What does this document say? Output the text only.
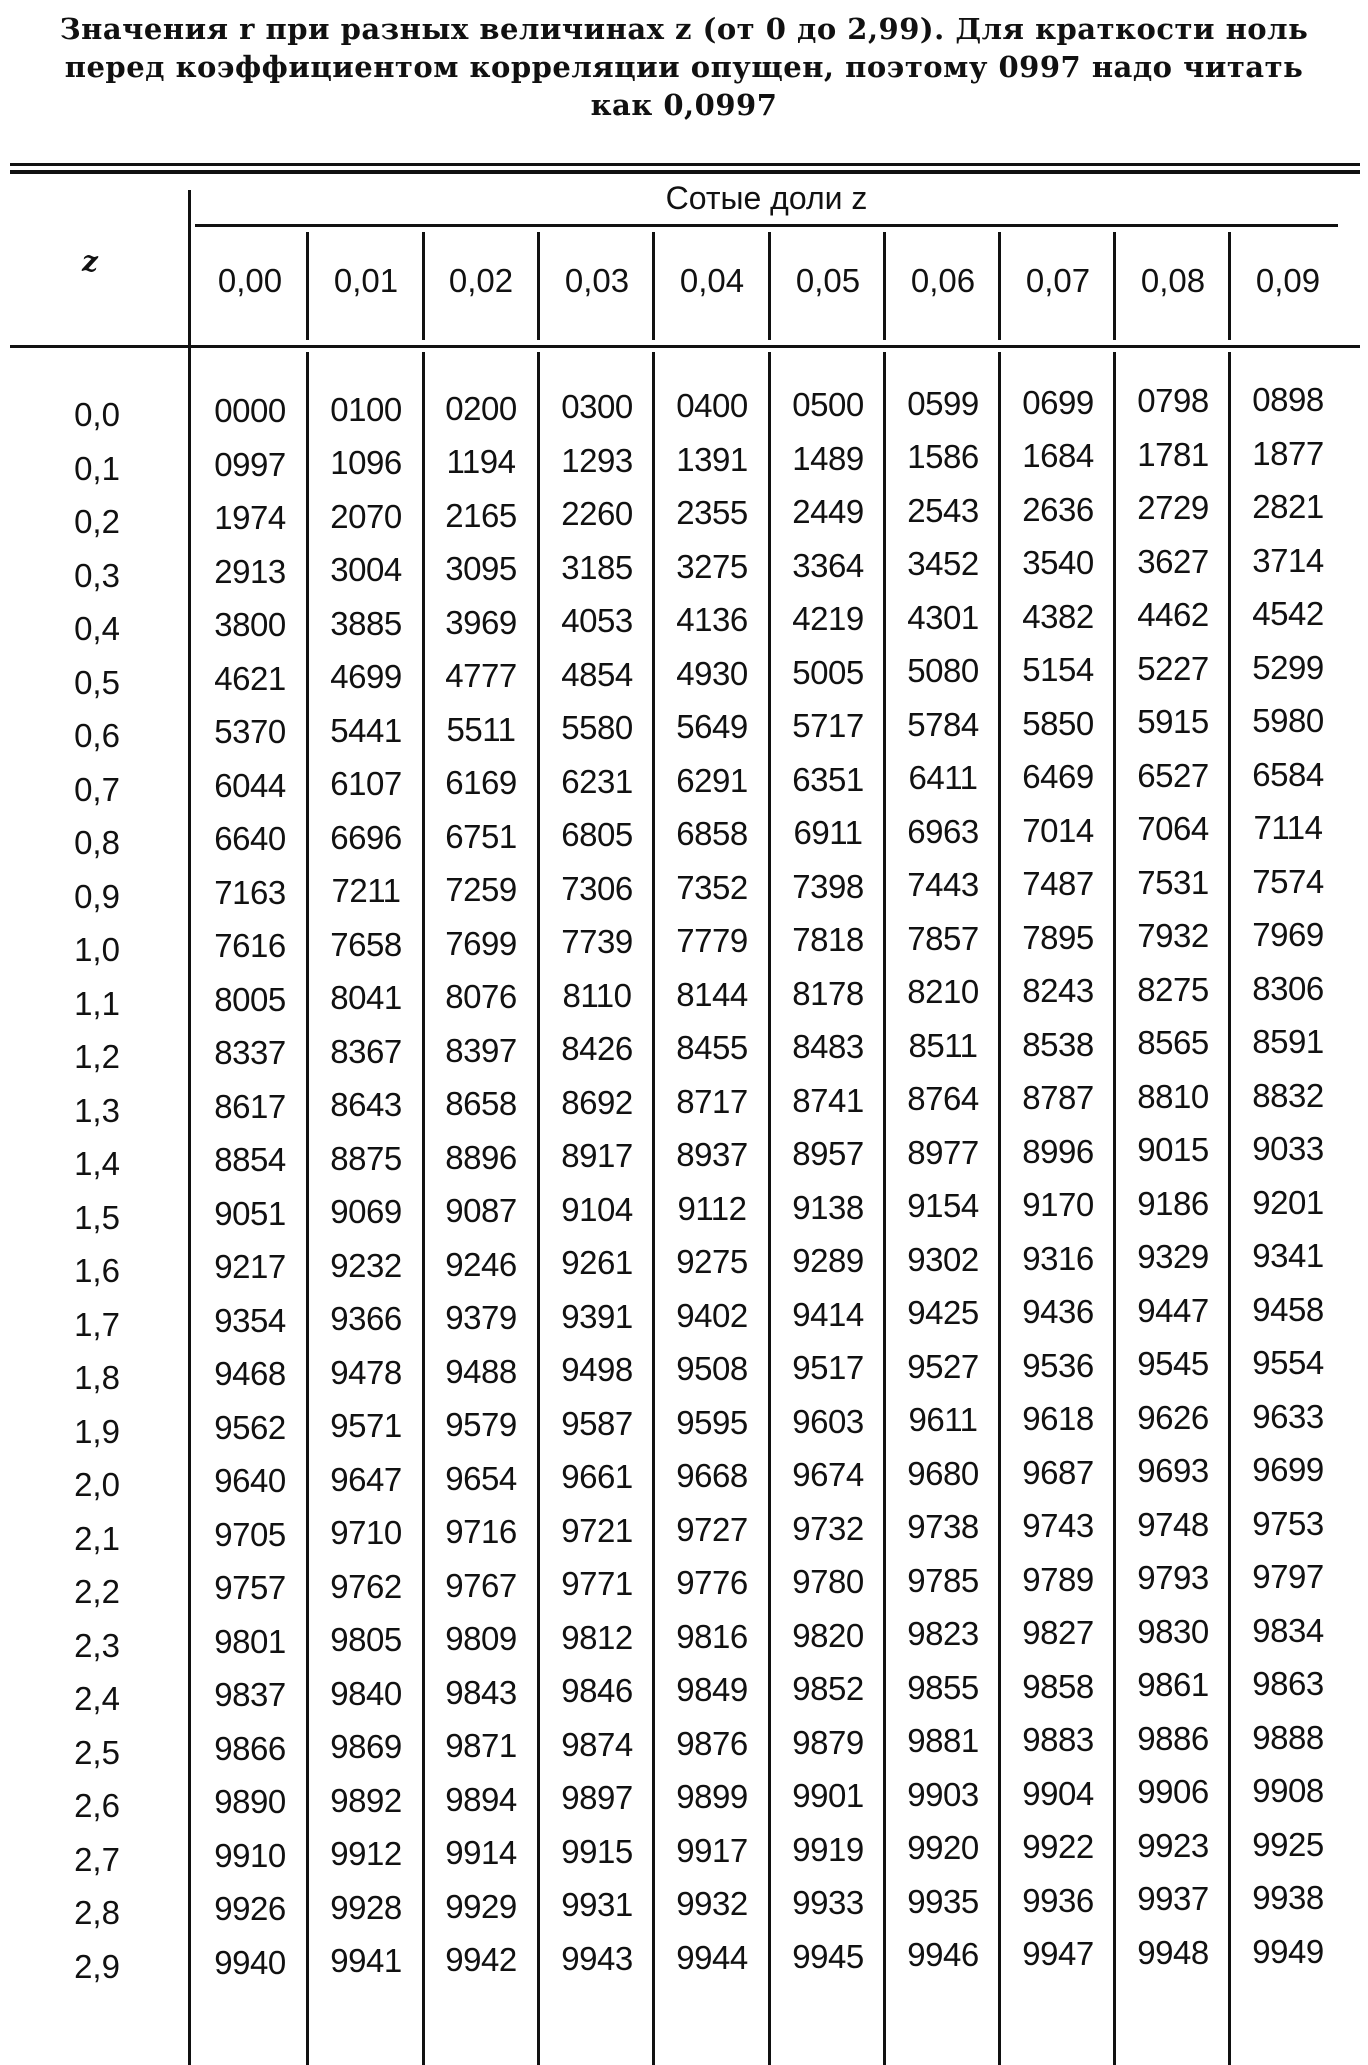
Значения r при разных величинах z (от 0 до 2,99). Для краткости ноль
перед коэффициентом корреляции опущен, поэтому 0997 надо читать
как 0,0997
z
Сотые доли z
0,00	0,01	0,02	0,03	0,04	0,05	0,06	0,07	0,08	0,09
0,0	0000	0100	0200	0300	0400	0500	0599	0699	0798	0898
0,1	0997	1096	1194	1293	1391	1489	1586	1684	1781	1877
0,2	1974	2070	2165	2260	2355	2449	2543	2636	2729	2821
0,3	2913	3004	3095	3185	3275	3364	3452	3540	3627	3714
0,4	3800	3885	3969	4053	4136	4219	4301	4382	4462	4542
0,5	4621	4699	4777	4854	4930	5005	5080	5154	5227	5299
0,6	5370	5441	5511	5580	5649	5717	5784	5850	5915	5980
0,7	6044	6107	6169	6231	6291	6351	6411	6469	6527	6584
0,8	6640	6696	6751	6805	6858	6911	6963	7014	7064	7114
0,9	7163	7211	7259	7306	7352	7398	7443	7487	7531	7574
1,0	7616	7658	7699	7739	7779	7818	7857	7895	7932	7969
1,1	8005	8041	8076	8110	8144	8178	8210	8243	8275	8306
1,2	8337	8367	8397	8426	8455	8483	8511	8538	8565	8591
1,3	8617	8643	8658	8692	8717	8741	8764	8787	8810	8832
1,4	8854	8875	8896	8917	8937	8957	8977	8996	9015	9033
1,5	9051	9069	9087	9104	9112	9138	9154	9170	9186	9201
1,6	9217	9232	9246	9261	9275	9289	9302	9316	9329	9341
1,7	9354	9366	9379	9391	9402	9414	9425	9436	9447	9458
1,8	9468	9478	9488	9498	9508	9517	9527	9536	9545	9554
1,9	9562	9571	9579	9587	9595	9603	9611	9618	9626	9633
2,0	9640	9647	9654	9661	9668	9674	9680	9687	9693	9699
2,1	9705	9710	9716	9721	9727	9732	9738	9743	9748	9753
2,2	9757	9762	9767	9771	9776	9780	9785	9789	9793	9797
2,3	9801	9805	9809	9812	9816	9820	9823	9827	9830	9834
2,4	9837	9840	9843	9846	9849	9852	9855	9858	9861	9863
2,5	9866	9869	9871	9874	9876	9879	9881	9883	9886	9888
2,6	9890	9892	9894	9897	9899	9901	9903	9904	9906	9908
2,7	9910	9912	9914	9915	9917	9919	9920	9922	9923	9925
2,8	9926	9928	9929	9931	9932	9933	9935	9936	9937	9938
2,9	9940	9941	9942	9943	9944	9945	9946	9947	9948	9949
